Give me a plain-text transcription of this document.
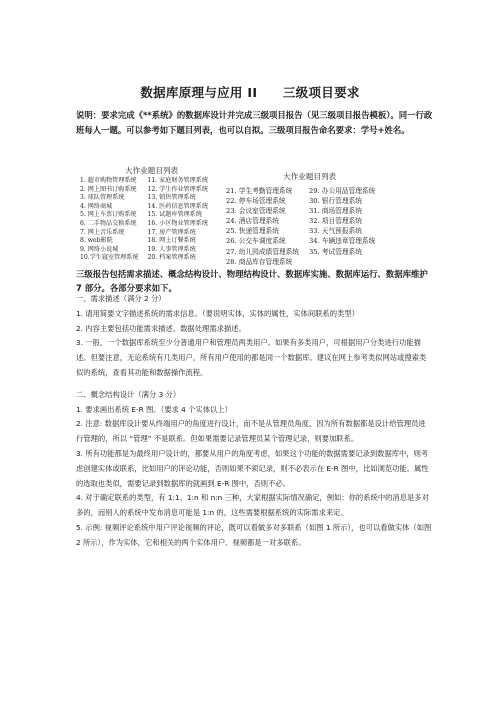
数据库原理与应用 II　　三级项目要求
说明：要求完成《**系统》的数据库设计并完成三级项目报告（见三级项目报告模板）。同一行政班每人一题。可以参考如下题目列表，也可以自拟。三级项目报告命名要求：学号+姓名。
大作业题目列表
1. 超市购物管理系统
2. 网上图书订购系统
3. 球队管理系统
4. 网络商城
5. 网上车票订购系统
6. 二手物品交换系统
7. 网上音乐系统
8. web影院
9. 网络小说城
10.学生寝室管理系统

11. 家庭财务管理系统
12. 学生作业管理系统
13. 销售管理系统
14. 医药信息管理系统
15. 试题库管理系统
16. 小区物业管理系统
17. 房产管理系统
18. 网上订餐系统
19. 人事管理系统
20. 档案管理系统
大作业题目列表
21. 学生考勤管理系统
22. 停车场管理系统
23. 会议室管理系统
24. 酒店管理系统
25. 快递管理系统
26. 公交车调度系统
27. 幼儿园成绩管理系统
28. 商品库存管理系统

29. 办公用品管理系统
30. 银行管理系统
31. 商场管理系统
32. 项目管理系统
33. 天气预报系统
34. 车辆违章管理系统
35. 考试管理系统
三级报告包括需求描述、概念结构设计、物理结构设计、数据库实施、数据库运行、数据库维护 7 部分。各部分要求如下。

一、需求描述（满分 2 分）

1. 请用简要文字描述系统的需求信息。（要说明实体，实体的属性，实体间联系的类型）

2. 内容主要包括功能需求描述、数据处理需求描述。

3. 一般，一个数据库系统至少分普通用户和管理员两类用户。如果有多类用户，可根据用户分类进行功能描述。但要注意，无论系统有几类用户，所有用户使用的都是同一个数据库。建议在网上参考类似网站或搜索类似的系统，查看其功能和数据操作流程。

二、概念结构设计（满分 3 分）

1. 要求画出系统 E-R 图。（要求 4 个实体以上）

2. 注意: 数据库设计要从终端用户的角度进行设计，而不是从管理员角度，因为所有数据都是设计给管理员进行管理的，所以 “管理” 不是联系。但如果需要记录管理员某个管理记录，则要加联系。

3. 所有功能都是为最终用户设计的，都要从用户的角度考虑，如果这个功能的数据需要记录到数据库中，则考虑创建实体或联系，比如用户的评论功能，否则如果不须记录，则不必表示在 E-R 图中，比如浏览功能。属性的选取也类似，需要记录到数据库的就画到 E-R 图中，否则不必。

4. 对于确定联系的类型，有 1:1、1:n 和 n:n 三种，大家根据实际情况确定，例如：你的系统中的消息是多对多的，而别人的系统中发布消息可能是 1:n 的，这些需要根据系统的实际需求来定。

5. 示例: 视频评论系统中用户评论视频的评论，既可以看做多对多联系（如图 1 所示），也可以看做实体（如图 2 所示），作为实体，它和相关的两个实体用户、视频都是一对多联系。
